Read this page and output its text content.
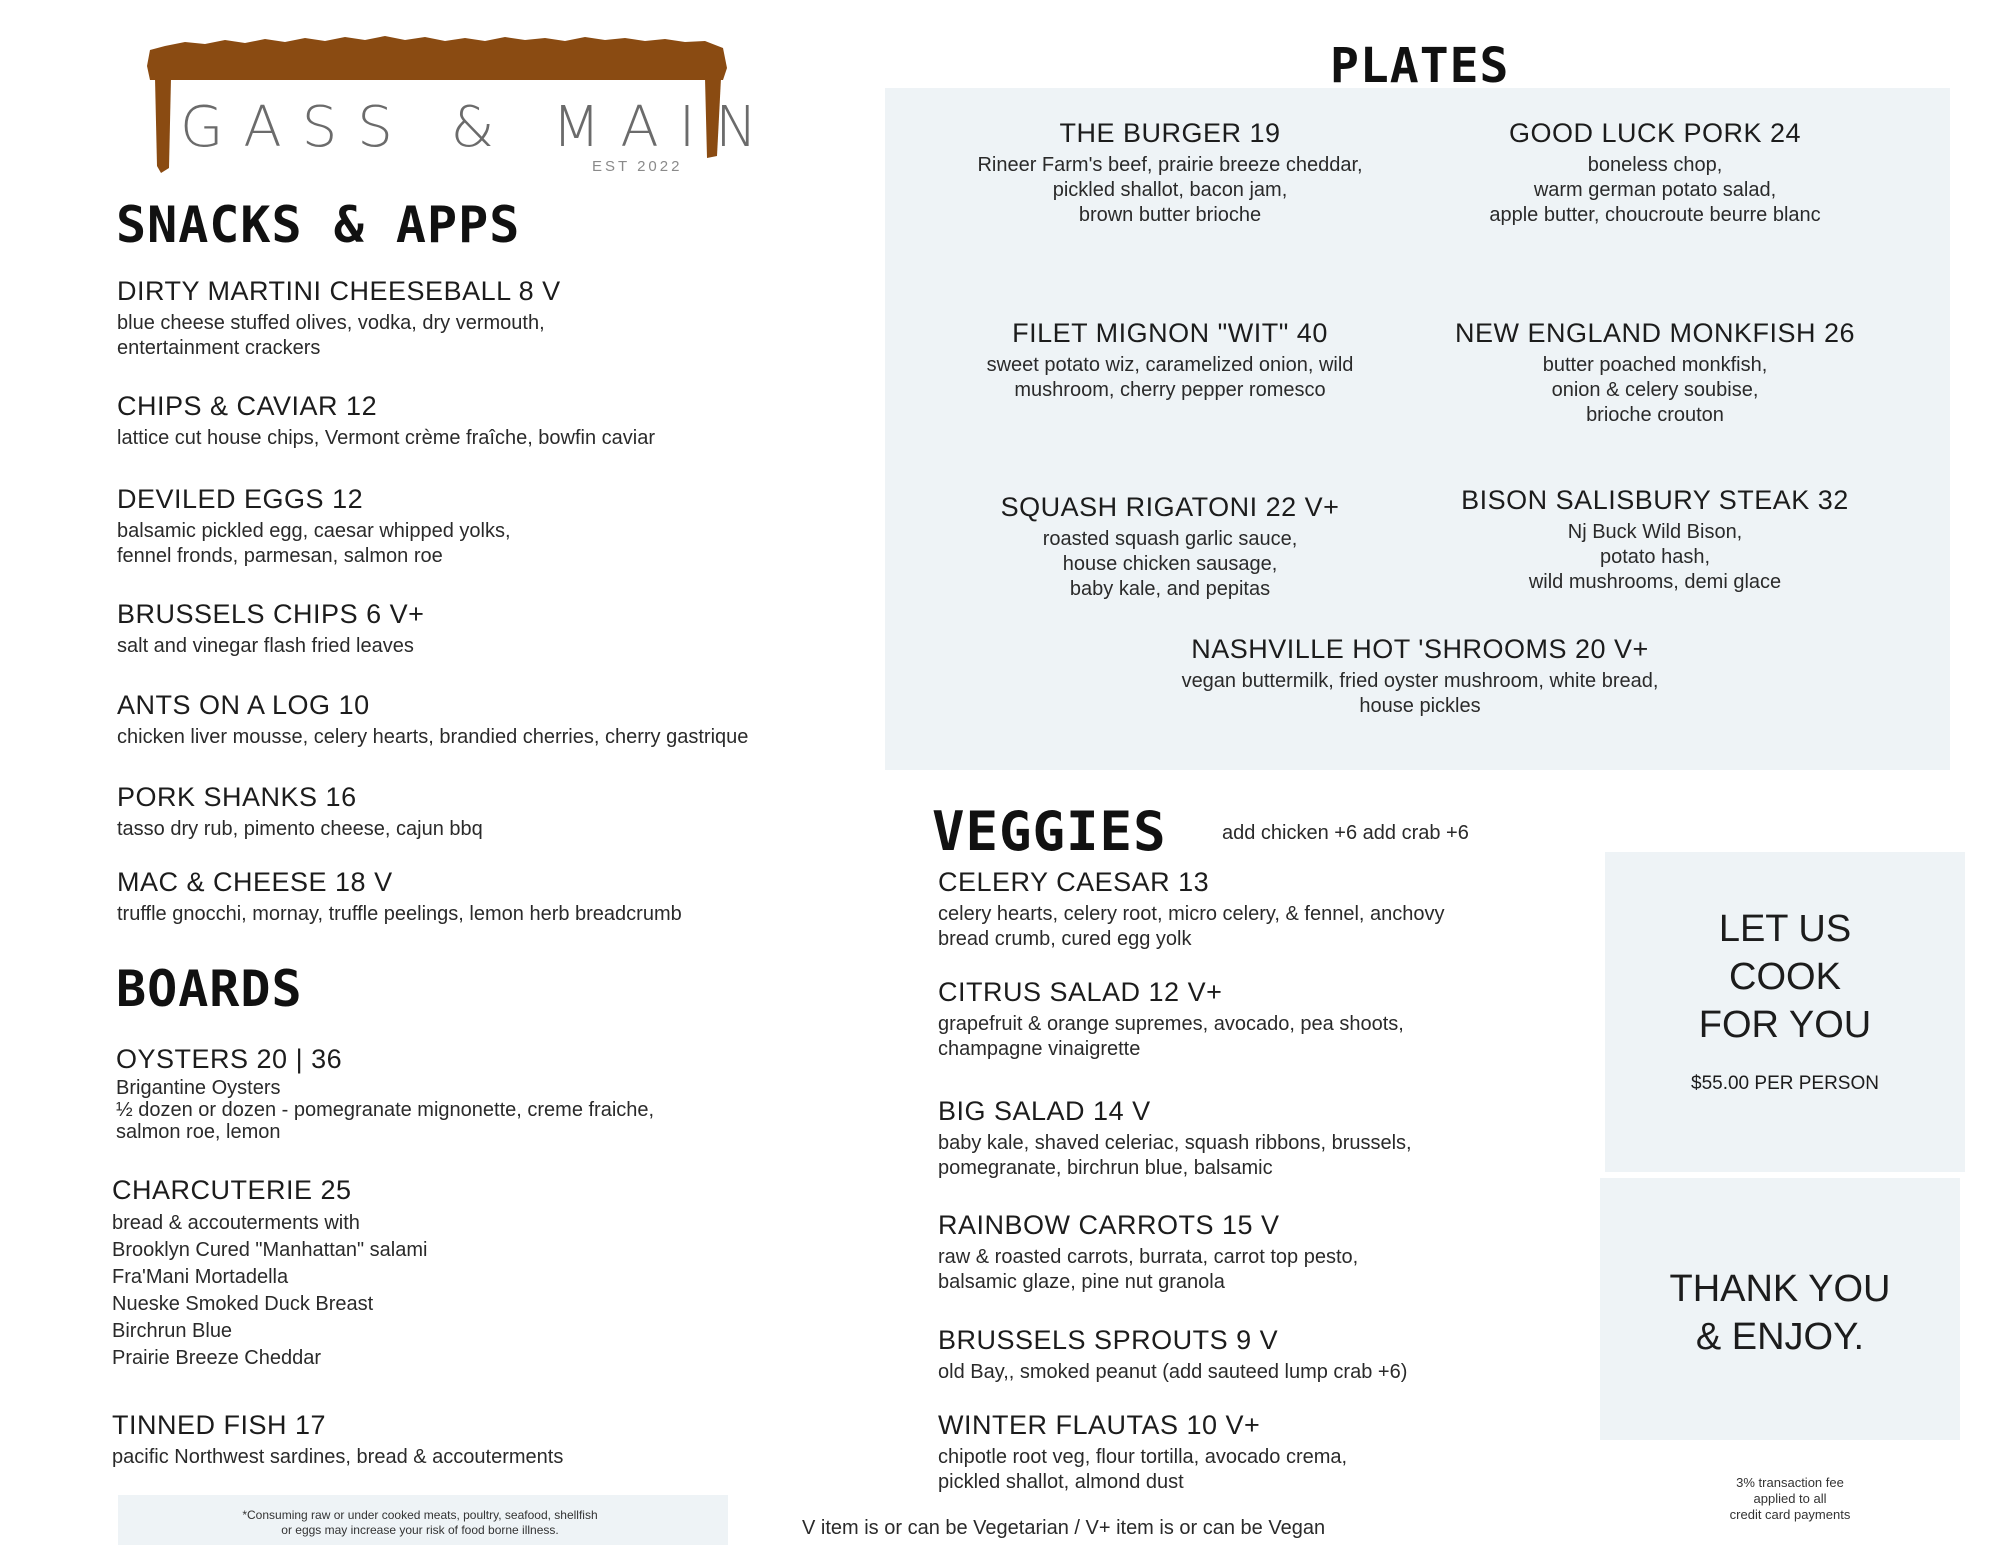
GASS & MAIN
EST 2022
SNACKS & APPS
DIRTY MARTINI CHEESEBALL 8 V
blue cheese stuffed olives, vodka, dry vermouth,
entertainment crackers
CHIPS & CAVIAR 12
lattice cut house chips, Vermont crème fraîche, bowfin caviar
DEVILED EGGS 12
balsamic pickled egg, caesar whipped yolks,
fennel fronds, parmesan, salmon roe
BRUSSELS CHIPS 6 V+
salt and vinegar flash fried leaves
ANTS ON A LOG 10
chicken liver mousse, celery hearts, brandied cherries, cherry gastrique
PORK SHANKS 16
tasso dry rub, pimento cheese, cajun bbq
MAC & CHEESE 18 V
truffle gnocchi, mornay, truffle peelings, lemon herb breadcrumb
BOARDS
OYSTERS 20 | 36
Brigantine Oysters
½ dozen or dozen - pomegranate mignonette, creme fraiche,
salmon roe, lemon
CHARCUTERIE 25
bread & accouterments with
Brooklyn Cured "Manhattan" salami
Fra'Mani Mortadella
Nueske Smoked Duck Breast
Birchrun Blue
Prairie Breeze Cheddar
TINNED FISH 17
pacific Northwest sardines, bread & accouterments
PLATES
THE BURGER 19
Rineer Farm's beef, prairie breeze cheddar,
pickled shallot, bacon jam,
brown butter brioche
GOOD LUCK PORK 24
boneless chop,
warm german potato salad,
apple butter, choucroute beurre blanc
FILET MIGNON "WIT" 40
sweet potato wiz, caramelized onion, wild
mushroom, cherry pepper romesco
NEW ENGLAND MONKFISH 26
butter poached monkfish,
onion & celery soubise,
brioche crouton
SQUASH RIGATONI 22 V+
roasted squash garlic sauce,
house chicken sausage,
baby kale, and pepitas
BISON SALISBURY STEAK 32
Nj Buck Wild Bison,
potato hash,
wild mushrooms, demi glace
NASHVILLE HOT 'SHROOMS 20 V+
vegan buttermilk, fried oyster mushroom, white bread,
house pickles
VEGGIES	add chicken +6 add crab +6
CELERY CAESAR 13
celery hearts, celery root, micro celery, & fennel, anchovy
bread crumb, cured egg yolk
CITRUS SALAD 12 V+
grapefruit & orange supremes, avocado, pea shoots,
champagne vinaigrette
BIG SALAD 14 V
baby kale, shaved celeriac, squash ribbons, brussels,
pomegranate, birchrun blue, balsamic
RAINBOW CARROTS 15 V
raw & roasted carrots, burrata, carrot top pesto,
balsamic glaze, pine nut granola
BRUSSELS SPROUTS 9 V
old Bay,, smoked peanut (add sauteed lump crab +6)
WINTER FLAUTAS 10 V+
chipotle root veg, flour tortilla, avocado crema,
pickled shallot, almond dust
LET US
COOK
FOR YOU
$55.00 PER PERSON
THANK YOU
& ENJOY.
*Consuming raw or under cooked meats, poultry, seafood, shellfish
or eggs may increase your risk of food borne illness.	V item is or can be Vegetarian / V+ item is or can be Vegan
3% transaction fee
applied to all
credit card payments
